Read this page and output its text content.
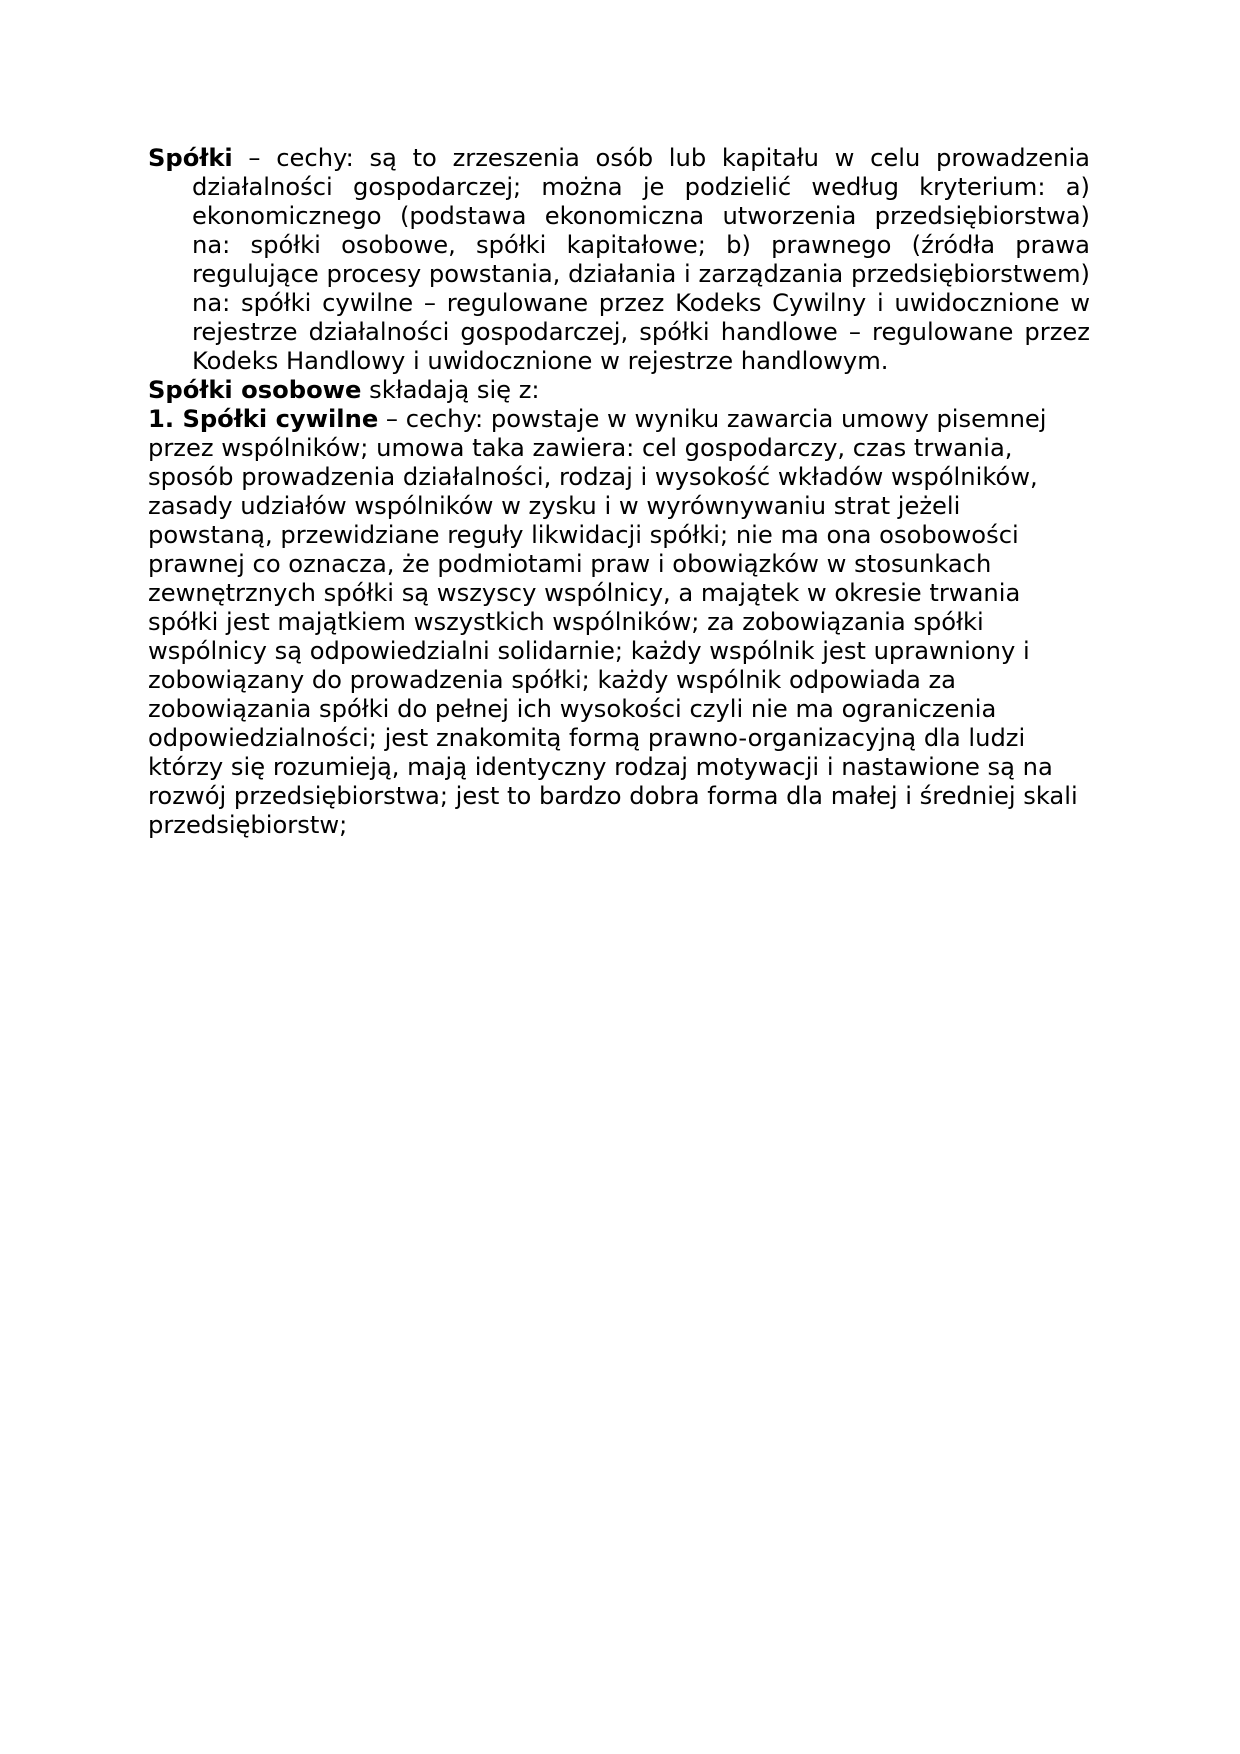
Spółki – cechy: są to zrzeszenia osób lub kapitału w celu prowadzenia działalności gospodarczej; można je podzielić według kryterium: a) ekonomicznego (podstawa ekonomiczna utworzenia przedsiębiorstwa) na: spółki osobowe, spółki kapitałowe; b) prawnego (źródła prawa regulujące procesy powstania, działania i zarządzania przedsiębiorstwem) na: spółki cywilne – regulowane przez Kodeks Cywilny i uwidocznione w rejestrze działalności gospodarczej, spółki handlowe – regulowane przez Kodeks Handlowy i uwidocznione w rejestrze handlowym.

Spółki osobowe składają się z:

1. Spółki cywilne – cechy: powstaje w wyniku zawarcia umowy pisemnej przez wspólników; umowa taka zawiera: cel gospodarczy, czas trwania, sposób prowadzenia działalności, rodzaj i wysokość wkładów wspólników, zasady udziałów wspólników w zysku i w wyrównywaniu strat jeżeli powstaną, przewidziane reguły likwidacji spółki; nie ma ona osobowości prawnej co oznacza, że podmiotami praw i obowiązków w stosunkach zewnętrznych spółki są wszyscy wspólnicy, a majątek w okresie trwania spółki jest majątkiem wszystkich wspólników; za zobowiązania spółki wspólnicy są odpowiedzialni solidarnie; każdy wspólnik jest uprawniony i zobowiązany do prowadzenia spółki; każdy wspólnik odpowiada za zobowiązania spółki do pełnej ich wysokości czyli nie ma ograniczenia odpowiedzialności; jest znakomitą formą prawno-organizacyjną dla ludzi którzy się rozumieją, mają identyczny rodzaj motywacji i nastawione są na rozwój przedsiębiorstwa; jest to bardzo dobra forma dla małej i średniej skali przedsiębiorstw;
